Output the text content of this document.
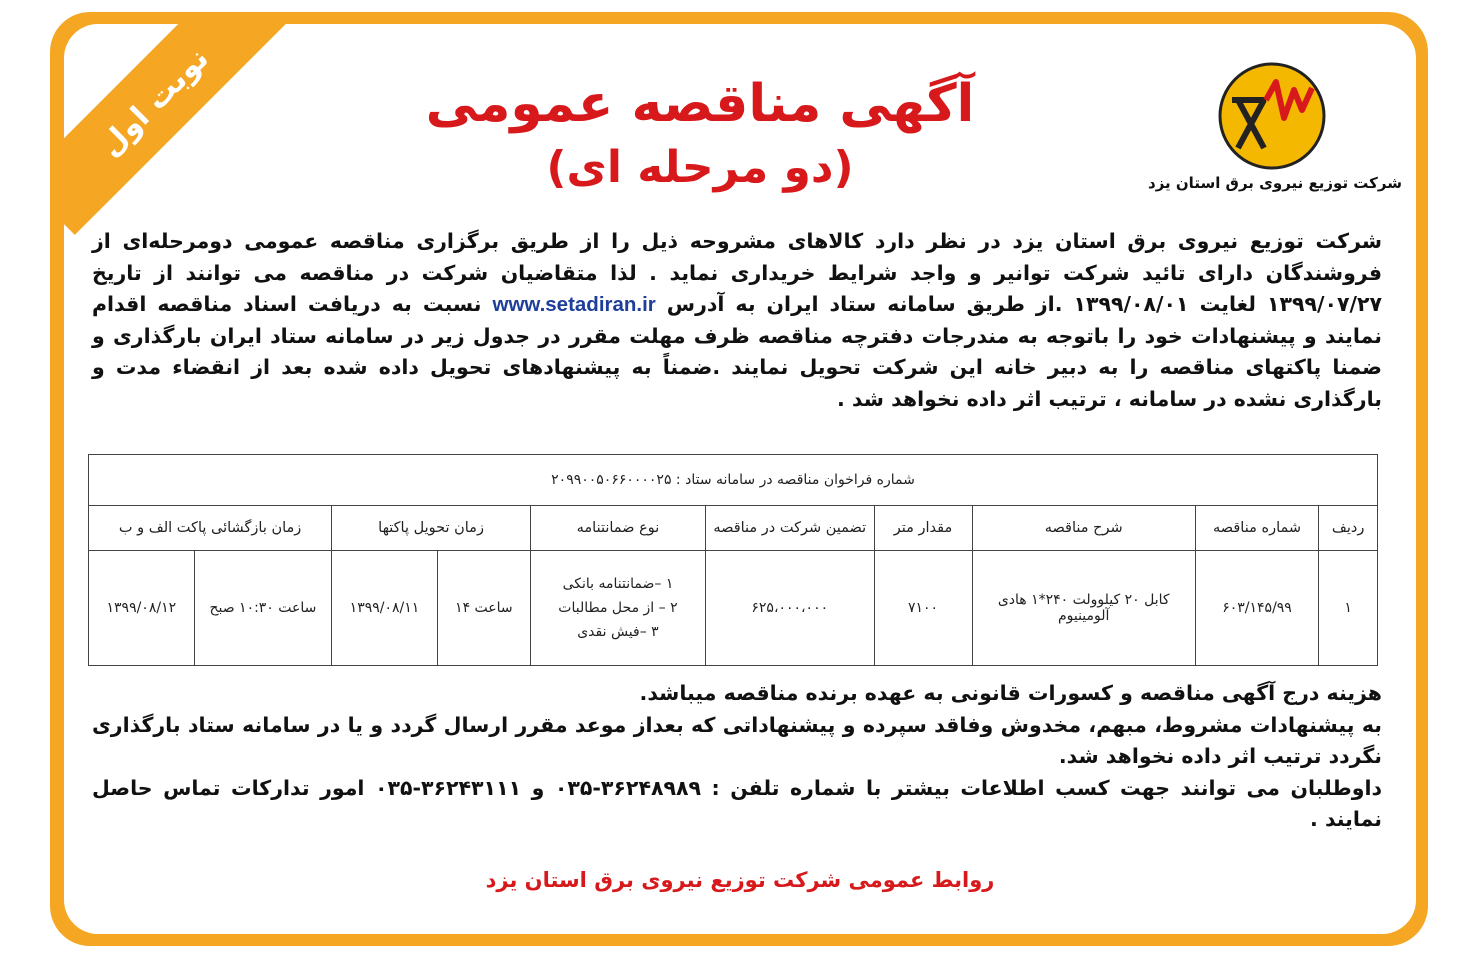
نوبت اول
شرکت توزیع نیروی برق استان یزد
آگهی مناقصه عمومی
(دو مرحله ای)
شرکت توزیع نیروی برق استان یزد در نظر دارد کالاهای مشروحه ذیل را از طریق برگزاری مناقصه عمومی دومرحله‌ای از فروشندگان دارای تائید شرکت توانیر و واجد شرایط خریداری نماید . لذا متقاضیان شرکت در مناقصه می توانند از تاریخ ۱۳۹۹/۰۷/۲۷ لغایت ۱۳۹۹/۰۸/۰۱ .از طریق سامانه ستاد ایران به آدرس www.setadiran.ir نسبت به دریافت اسناد مناقصه اقدام نمایند و پیشنهادات خود را باتوجه به مندرجات دفترچه مناقصه ظرف مهلت مقرر در جدول زیر در سامانه ستاد ایران بارگذاری و ضمنا پاکتهای مناقصه را به دبیر خانه این شرکت تحویل نمایند .ضمناً به پیشنهادهای تحویل داده شده بعد از انقضاء مدت و بارگذاری نشده در سامانه ، ترتیب اثر داده نخواهد شد .
شماره فراخوان مناقصه در سامانه ستاد : ۲۰۹۹۰۰۵۰۶۶۰۰۰۰۲۵									
ردیف	شماره مناقصه	شرح مناقصه	مقدار متر	تضمین شرکت در مناقصه	نوع ضمانتنامه	زمان تحویل پاکتها		زمان بازگشائی پاکت الف و ب	
۱	۶۰۳/۱۴۵/۹۹	کابل ۲۰ کیلوولت ۲۴۰*۱ هادی آلومینیوم	۷۱۰۰	۶۲۵،۰۰۰،۰۰۰	۱ –ضمانتنامه بانکی
۲ – از محل مطالبات
۳ –فیش نقدی	ساعت ۱۴	۱۳۹۹/۰۸/۱۱	ساعت ۱۰:۳۰ صبح	۱۳۹۹/۰۸/۱۲

هزینه درج آگهی مناقصه و کسورات قانونی به عهده برنده مناقصه میباشد.

به پیشنهادات مشروط، مبهم، مخدوش وفاقد سپرده و پیشنهاداتی که بعداز موعد مقرر ارسال گردد و یا در سامانه ستاد بارگذاری نگردد ترتیب اثر داده نخواهد شد.

داوطلبان می توانند جهت کسب اطلاعات بیشتر با شماره تلفن : ۳۶۲۴۸۹۸۹-۰۳۵ و ۳۶۲۴۳۱۱۱-۰۳۵ امور تدارکات تماس حاصل نمایند .

روابط عمومی شرکت توزیع نیروی برق استان یزد
